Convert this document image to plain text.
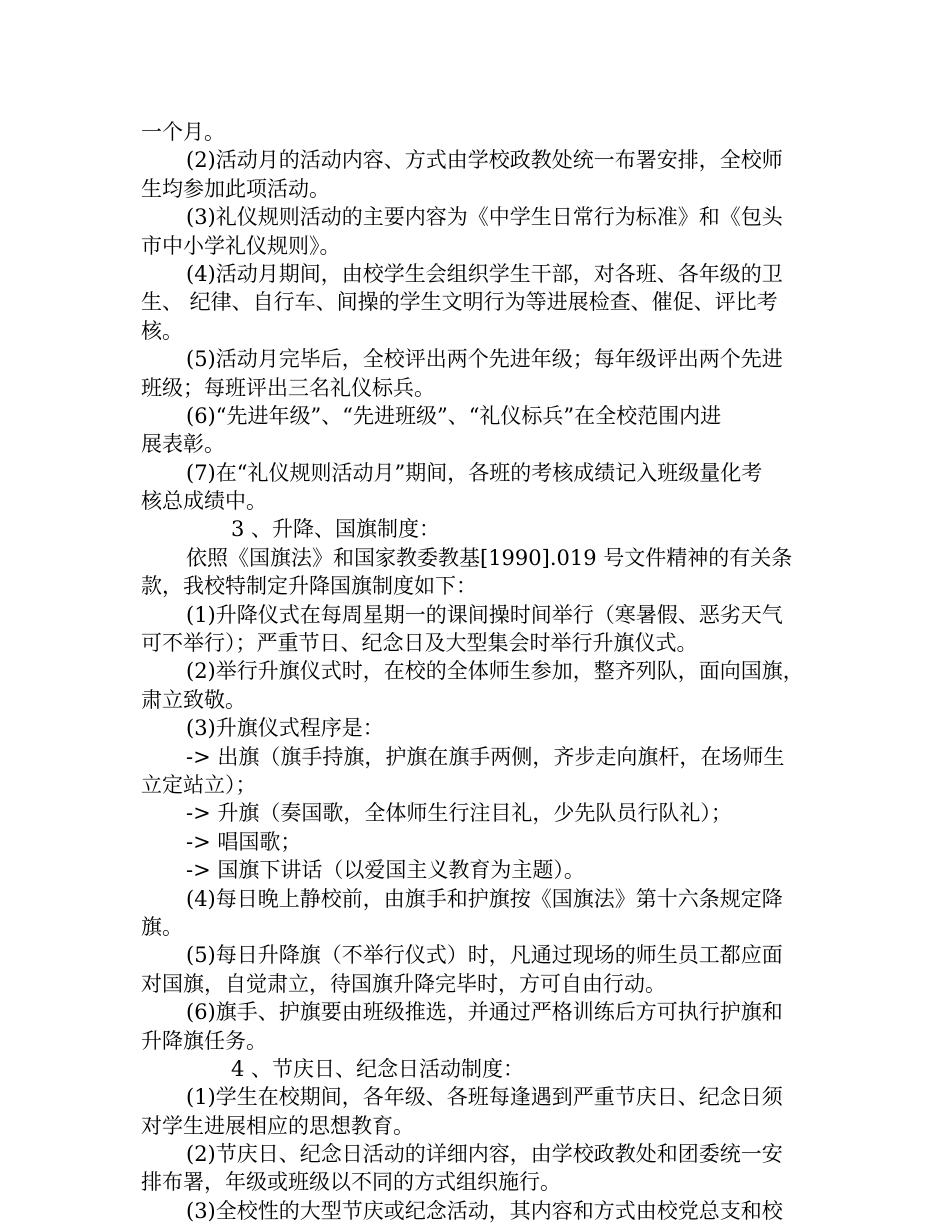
一个月。
(2)活动月的活动内容、方式由学校政教处统一布署安排，全校师
生均参加此项活动。
(3)礼仪规则活动的主要内容为《中学生日常行为标准》和《包头
市中小学礼仪规则》。
(4)活动月期间，由校学生会组织学生干部，对各班、各年级的卫
生、 纪律、自行车、间操的学生文明行为等进展检查、催促、评比考
核。
(5)活动月完毕后，全校评出两个先进年级；每年级评出两个先进
班级；每班评出三名礼仪标兵。
(6)“先进年级”、“先进班级”、“礼仪标兵”在全校范围内进
展表彰。
(7)在“礼仪规则活动月”期间，各班的考核成绩记入班级量化考
核总成绩中。
3 、升降、国旗制度：
依照《国旗法》和国家教委教基[1990].019 号文件精神的有关条
款，我校特制定升降国旗制度如下：
(1)升降仪式在每周星期一的课间操时间举行（寒暑假、恶劣天气
可不举行）；严重节日、纪念日及大型集会时举行升旗仪式。
(2)举行升旗仪式时，在校的全体师生参加，整齐列队，面向国旗，
肃立致敬。
(3)升旗仪式程序是：
-> 出旗（旗手持旗，护旗在旗手两侧，齐步走向旗杆，在场师生
立定站立）；
-> 升旗（奏国歌，全体师生行注目礼，少先队员行队礼）；
-> 唱国歌；
-> 国旗下讲话（以爱国主义教育为主题）。
(4)每日晚上静校前，由旗手和护旗按《国旗法》第十六条规定降
旗。
(5)每日升降旗（不举行仪式）时，凡通过现场的师生员工都应面
对国旗，自觉肃立，待国旗升降完毕时，方可自由行动。
(6)旗手、护旗要由班级推选，并通过严格训练后方可执行护旗和
升降旗任务。
4 、节庆日、纪念日活动制度：
(1)学生在校期间，各年级、各班每逢遇到严重节庆日、纪念日须
对学生进展相应的思想教育。
(2)节庆日、纪念日活动的详细内容，由学校政教处和团委统一安
排布署，年级或班级以不同的方式组织施行。
(3)全校性的大型节庆或纪念活动，其内容和方式由校党总支和校
